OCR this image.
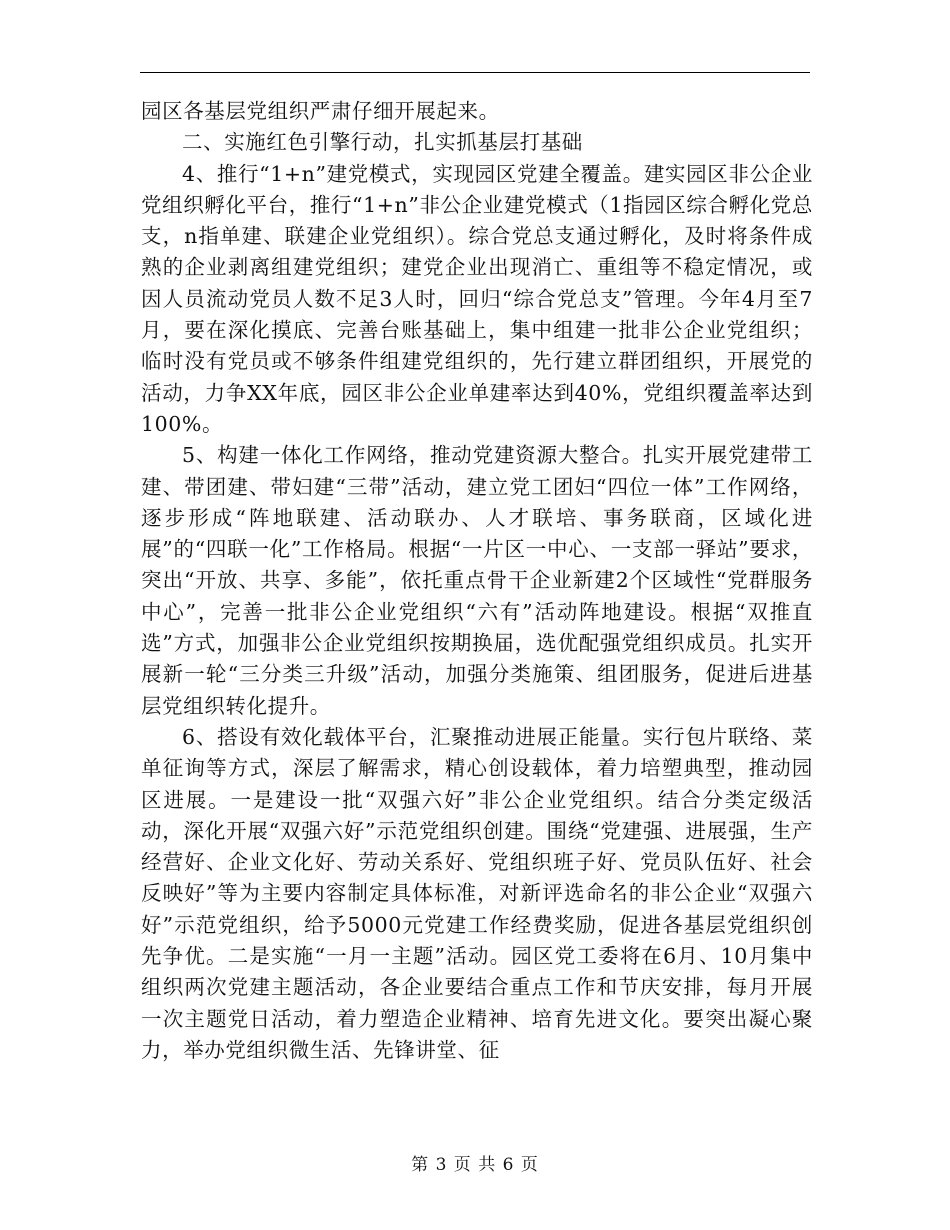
园区各基层党组织严肃仔细开展起来。

二、实施红色引擎行动，扎实抓基层打基础

4、推行“1+n”建党模式，实现园区党建全覆盖。建实园区非公企业党组织孵化平台，推行“1+n”非公企业建党模式（1指园区综合孵化党总支，n指单建、联建企业党组织）。综合党总支通过孵化，及时将条件成熟的企业剥离组建党组织；建党企业出现消亡、重组等不稳定情况，或因人员流动党员人数不足3人时，回归“综合党总支”管理。今年4月至7月，要在深化摸底、完善台账基础上，集中组建一批非公企业党组织；临时没有党员或不够条件组建党组织的，先行建立群团组织，开展党的活动，力争XX年底，园区非公企业单建率达到40%，党组织覆盖率达到100%。

5、构建一体化工作网络，推动党建资源大整合。扎实开展党建带工建、带团建、带妇建“三带”活动，建立党工团妇“四位一体”工作网络，逐步形成“阵地联建、活动联办、人才联培、事务联商，区域化进展”的“四联一化”工作格局。根据“一片区一中心、一支部一驿站”要求，突出“开放、共享、多能”，依托重点骨干企业新建2个区域性“党群服务中心”，完善一批非公企业党组织“六有”活动阵地建设。根据“双推直选”方式，加强非公企业党组织按期换届，选优配强党组织成员。扎实开展新一轮“三分类三升级”活动，加强分类施策、组团服务，促进后进基层党组织转化提升。

6、搭设有效化载体平台，汇聚推动进展正能量。实行包片联络、菜单征询等方式，深层了解需求，精心创设载体，着力培塑典型，推动园区进展。一是建设一批“双强六好”非公企业党组织。结合分类定级活动，深化开展“双强六好”示范党组织创建。围绕“党建强、进展强，生产经营好、企业文化好、劳动关系好、党组织班子好、党员队伍好、社会反映好”等为主要内容制定具体标准，对新评选命名的非公企业“双强六好”示范党组织，给予5000元党建工作经费奖励，促进各基层党组织创先争优。二是实施“一月一主题”活动。园区党工委将在6月、10月集中组织两次党建主题活动，各企业要结合重点工作和节庆安排，每月开展一次主题党日活动，着力塑造企业精神、培育先进文化。要突出凝心聚力，举办党组织微生活、先锋讲堂、征

第 3 页 共 6 页
